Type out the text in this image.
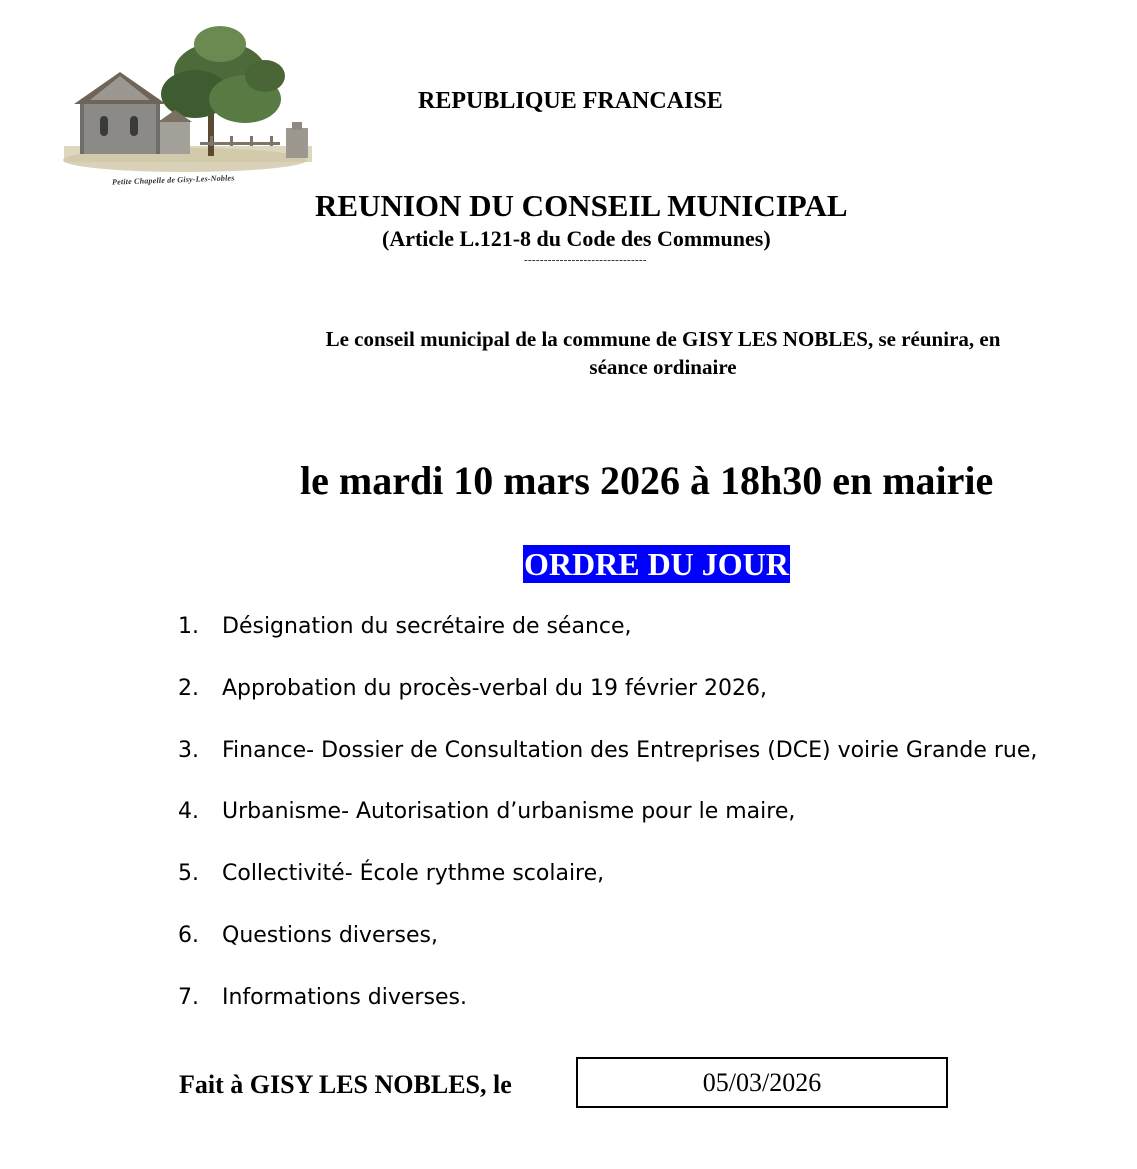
Petite Chapelle de Gisy-Les-Nobles
REPUBLIQUE FRANCAISE
REUNION DU CONSEIL MUNICIPAL
(Article L.121-8 du Code des Communes)
-------------------------------
Le conseil municipal de la commune de GISY LES NOBLES, se réunira, en
séance ordinaire
le mardi 10 mars 2026 à 18h30 en mairie
ORDRE DU JOUR
1.	Désignation du secrétaire de séance,
2.	Approbation du procès-verbal du 19 février 2026,
3.	Finance- Dossier de Consultation des Entreprises (DCE) voirie Grande rue,
4.	Urbanisme- Autorisation d’urbanisme pour le maire,
5.	Collectivité- École rythme scolaire,
6.	Questions diverses,
7.	Informations diverses.
Fait à GISY LES NOBLES, le	05/03/2026
